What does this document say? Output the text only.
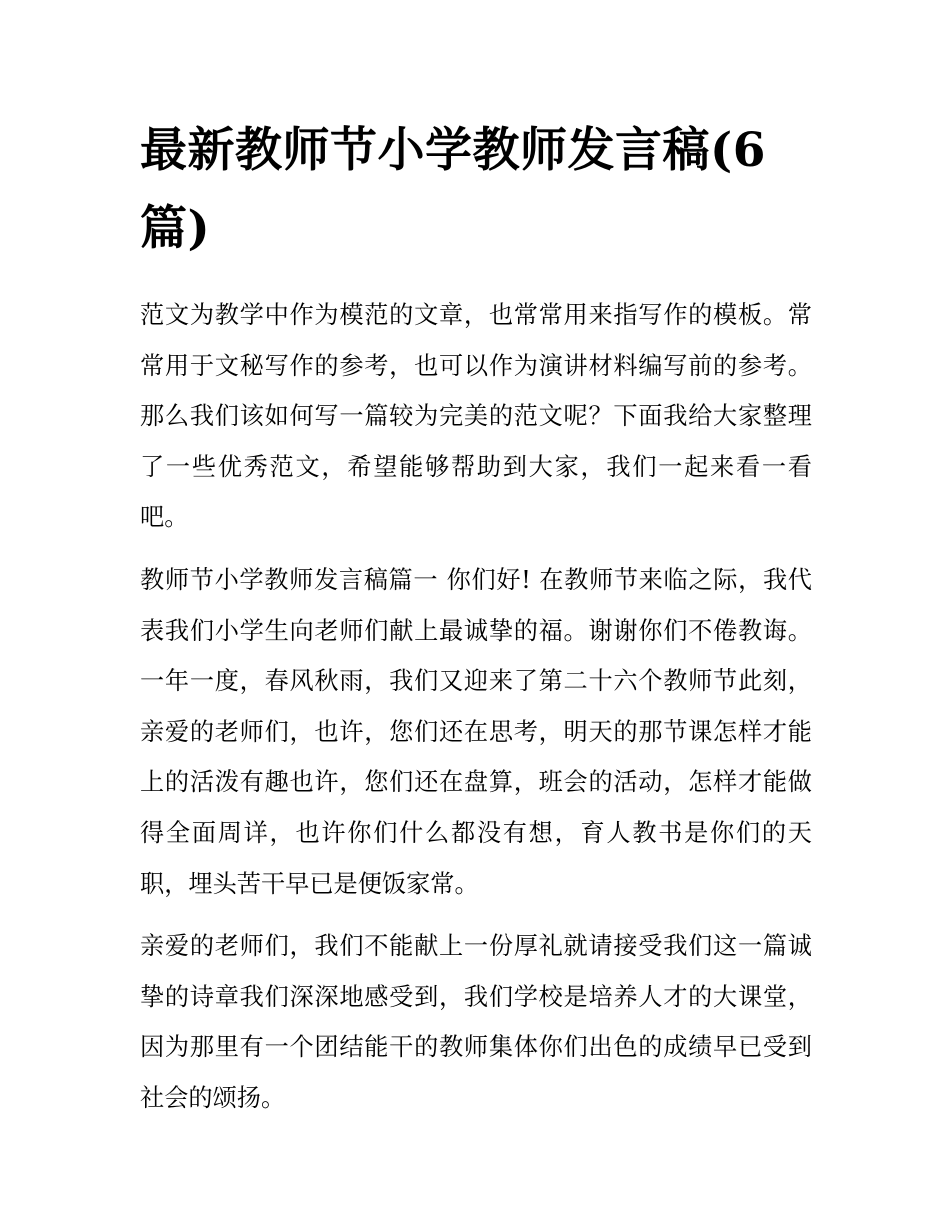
最新教师节小学教师发言稿(6篇)

范文为教学中作为模范的文章，也常常用来指写作的模板。常常用于文秘写作的参考，也可以作为演讲材料编写前的参考。那么我们该如何写一篇较为完美的范文呢？下面我给大家整理了一些优秀范文，希望能够帮助到大家，我们一起来看一看吧。

教师节小学教师发言稿篇一 你们好! 在教师节来临之际，我代表我们小学生向老师们献上最诚挚的福。谢谢你们不倦教诲。一年一度，春风秋雨，我们又迎来了第二十六个教师节此刻，亲爱的老师们，也许，您们还在思考，明天的那节课怎样才能上的活泼有趣也许，您们还在盘算，班会的活动，怎样才能做得全面周详，也许你们什么都没有想，育人教书是你们的天职，埋头苦干早已是便饭家常。

亲爱的老师们，我们不能献上一份厚礼就请接受我们这一篇诚挚的诗章我们深深地感受到，我们学校是培养人才的大课堂，因为那里有一个团结能干的教师集体你们出色的成绩早已受到社会的颂扬。
